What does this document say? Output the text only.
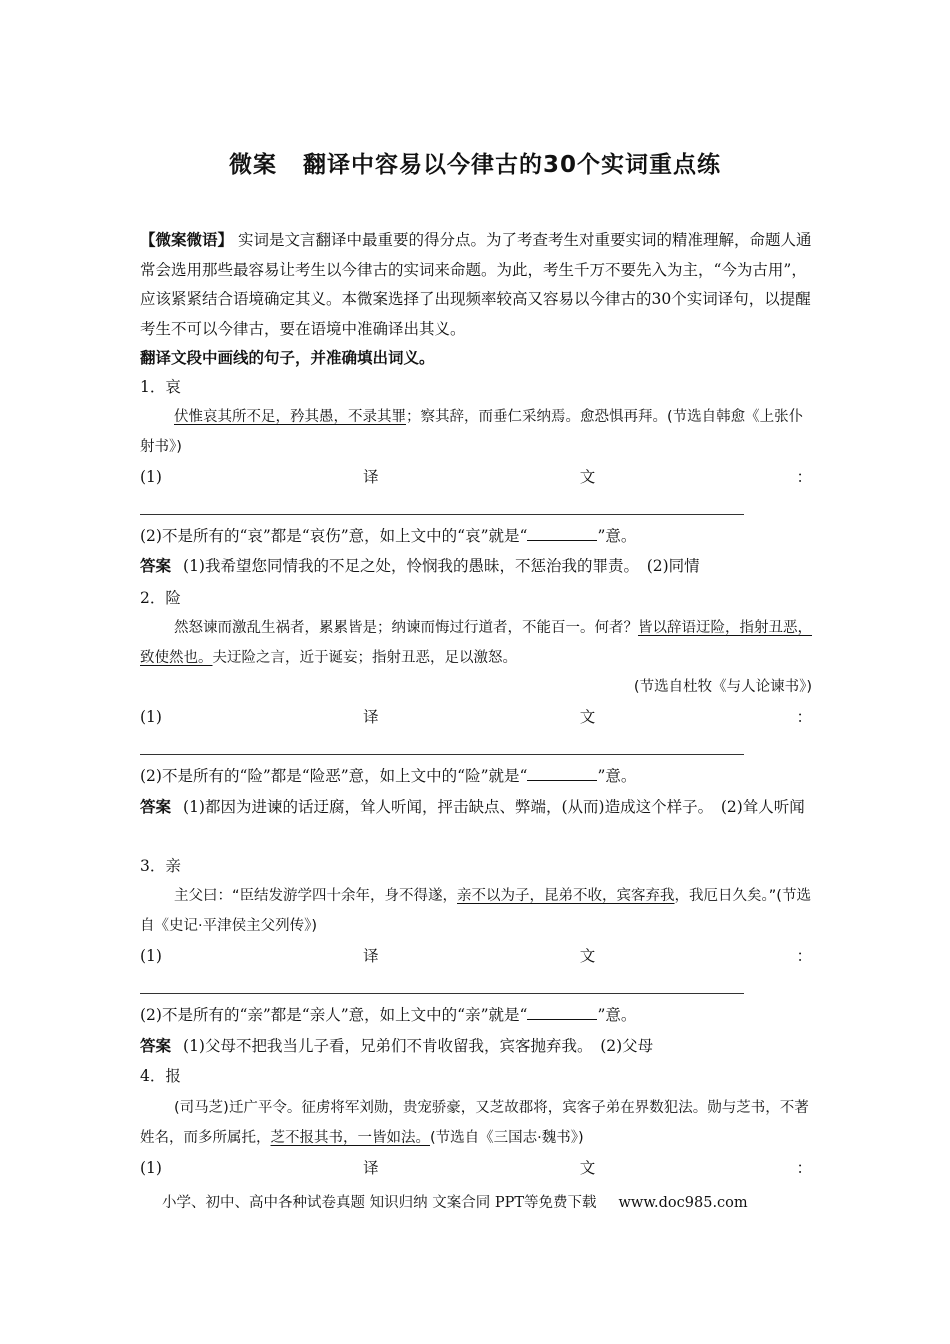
微案 翻译中容易以今律古的30个实词重点练
【微案微语】 实词是文言翻译中最重要的得分点。为了考查考生对重要实词的精准理解，命题人通常会选用那些最容易让考生以今律古的实词来命题。为此，考生千万不要先入为主，“今为古用”，应该紧紧结合语境确定其义。本微案选择了出现频率较高又容易以今律古的30个实词译句，以提醒考生不可以今律古，要在语境中准确译出其义。
翻译文段中画线的句子，并准确填出词义。
1．哀
伏惟哀其所不足，矜其愚，不录其罪；察其辞，而垂仁采纳焉。愈恐惧再拜。(节选自韩愈《上张仆射书》)
(1)	译	文	：
(2)不是所有的“哀”都是“哀伤”意，如上文中的“哀”就是“	”意。
答案 (1)我希望您同情我的不足之处，怜悯我的愚昧，不惩治我的罪责。　(2)同情
2．险
然怒谏而激乱生祸者，累累皆是；纳谏而悔过行道者，不能百一。何者？皆以辞语迂险，指射丑恶，致使然也。夫迂险之言，近于诞妄；指射丑恶，足以激怒。
(节选自杜牧《与人论谏书》)
(1)	译	文	：
(2)不是所有的“险”都是“险恶”意，如上文中的“险”就是“	”意。
答案 (1)都因为进谏的话迂腐，耸人听闻，抨击缺点、弊端，(从而)造成这个样子。　(2)耸人听闻
3．亲
主父曰：“臣结发游学四十余年，身不得遂，亲不以为子，昆弟不收，宾客弃我，我厄日久矣。”(节选自《史记·平津侯主父列传》)
(1)	译	文	：
(2)不是所有的“亲”都是“亲人”意，如上文中的“亲”就是“	”意。
答案 (1)父母不把我当儿子看，兄弟们不肯收留我，宾客抛弃我。　(2)父母
4．报
(司马芝)迁广平令。征虏将军刘勋，贵宠骄豪，又芝故郡将，宾客子弟在界数犯法。勋与芝书，不著姓名，而多所属托，芝不报其书，一皆如法。(节选自《三国志·魏书》)
(1)	译	文	：
小学、初中、高中各种试卷真题 知识归纳 文案合同 PPT等免费下载 www.doc985.com
